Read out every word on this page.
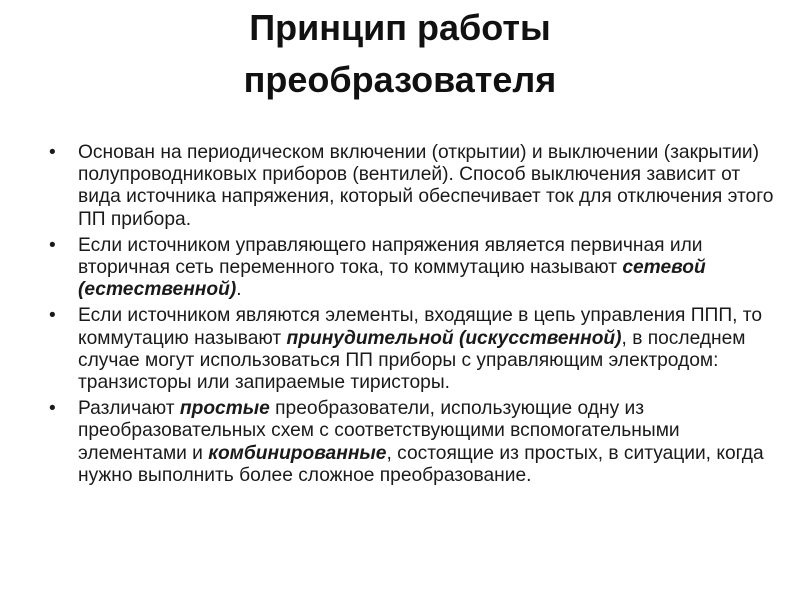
Принцип работы
преобразователя
• Основан на периодическом включении (открытии) и выключении (закрытии) полупроводниковых приборов (вентилей). Способ выключения зависит от вида источника напряжения, который обеспечивает ток для отключения этого ПП прибора.
• Если источником управляющего напряжения является первичная или вторичная сеть переменного тока, то коммутацию называют сетевой (естественной).
• Если источником являются элементы, входящие в цепь управления ППП, то коммутацию называют принудительной (искусственной), в последнем случае могут использоваться ПП приборы с управляющим электродом: транзисторы или запираемые тиристоры.
• Различают простые преобразователи, использующие одну из преобразовательных схем с соответствующими вспомогательными элементами и комбинированные, состоящие из простых, в ситуации, когда нужно выполнить более сложное преобразование.
